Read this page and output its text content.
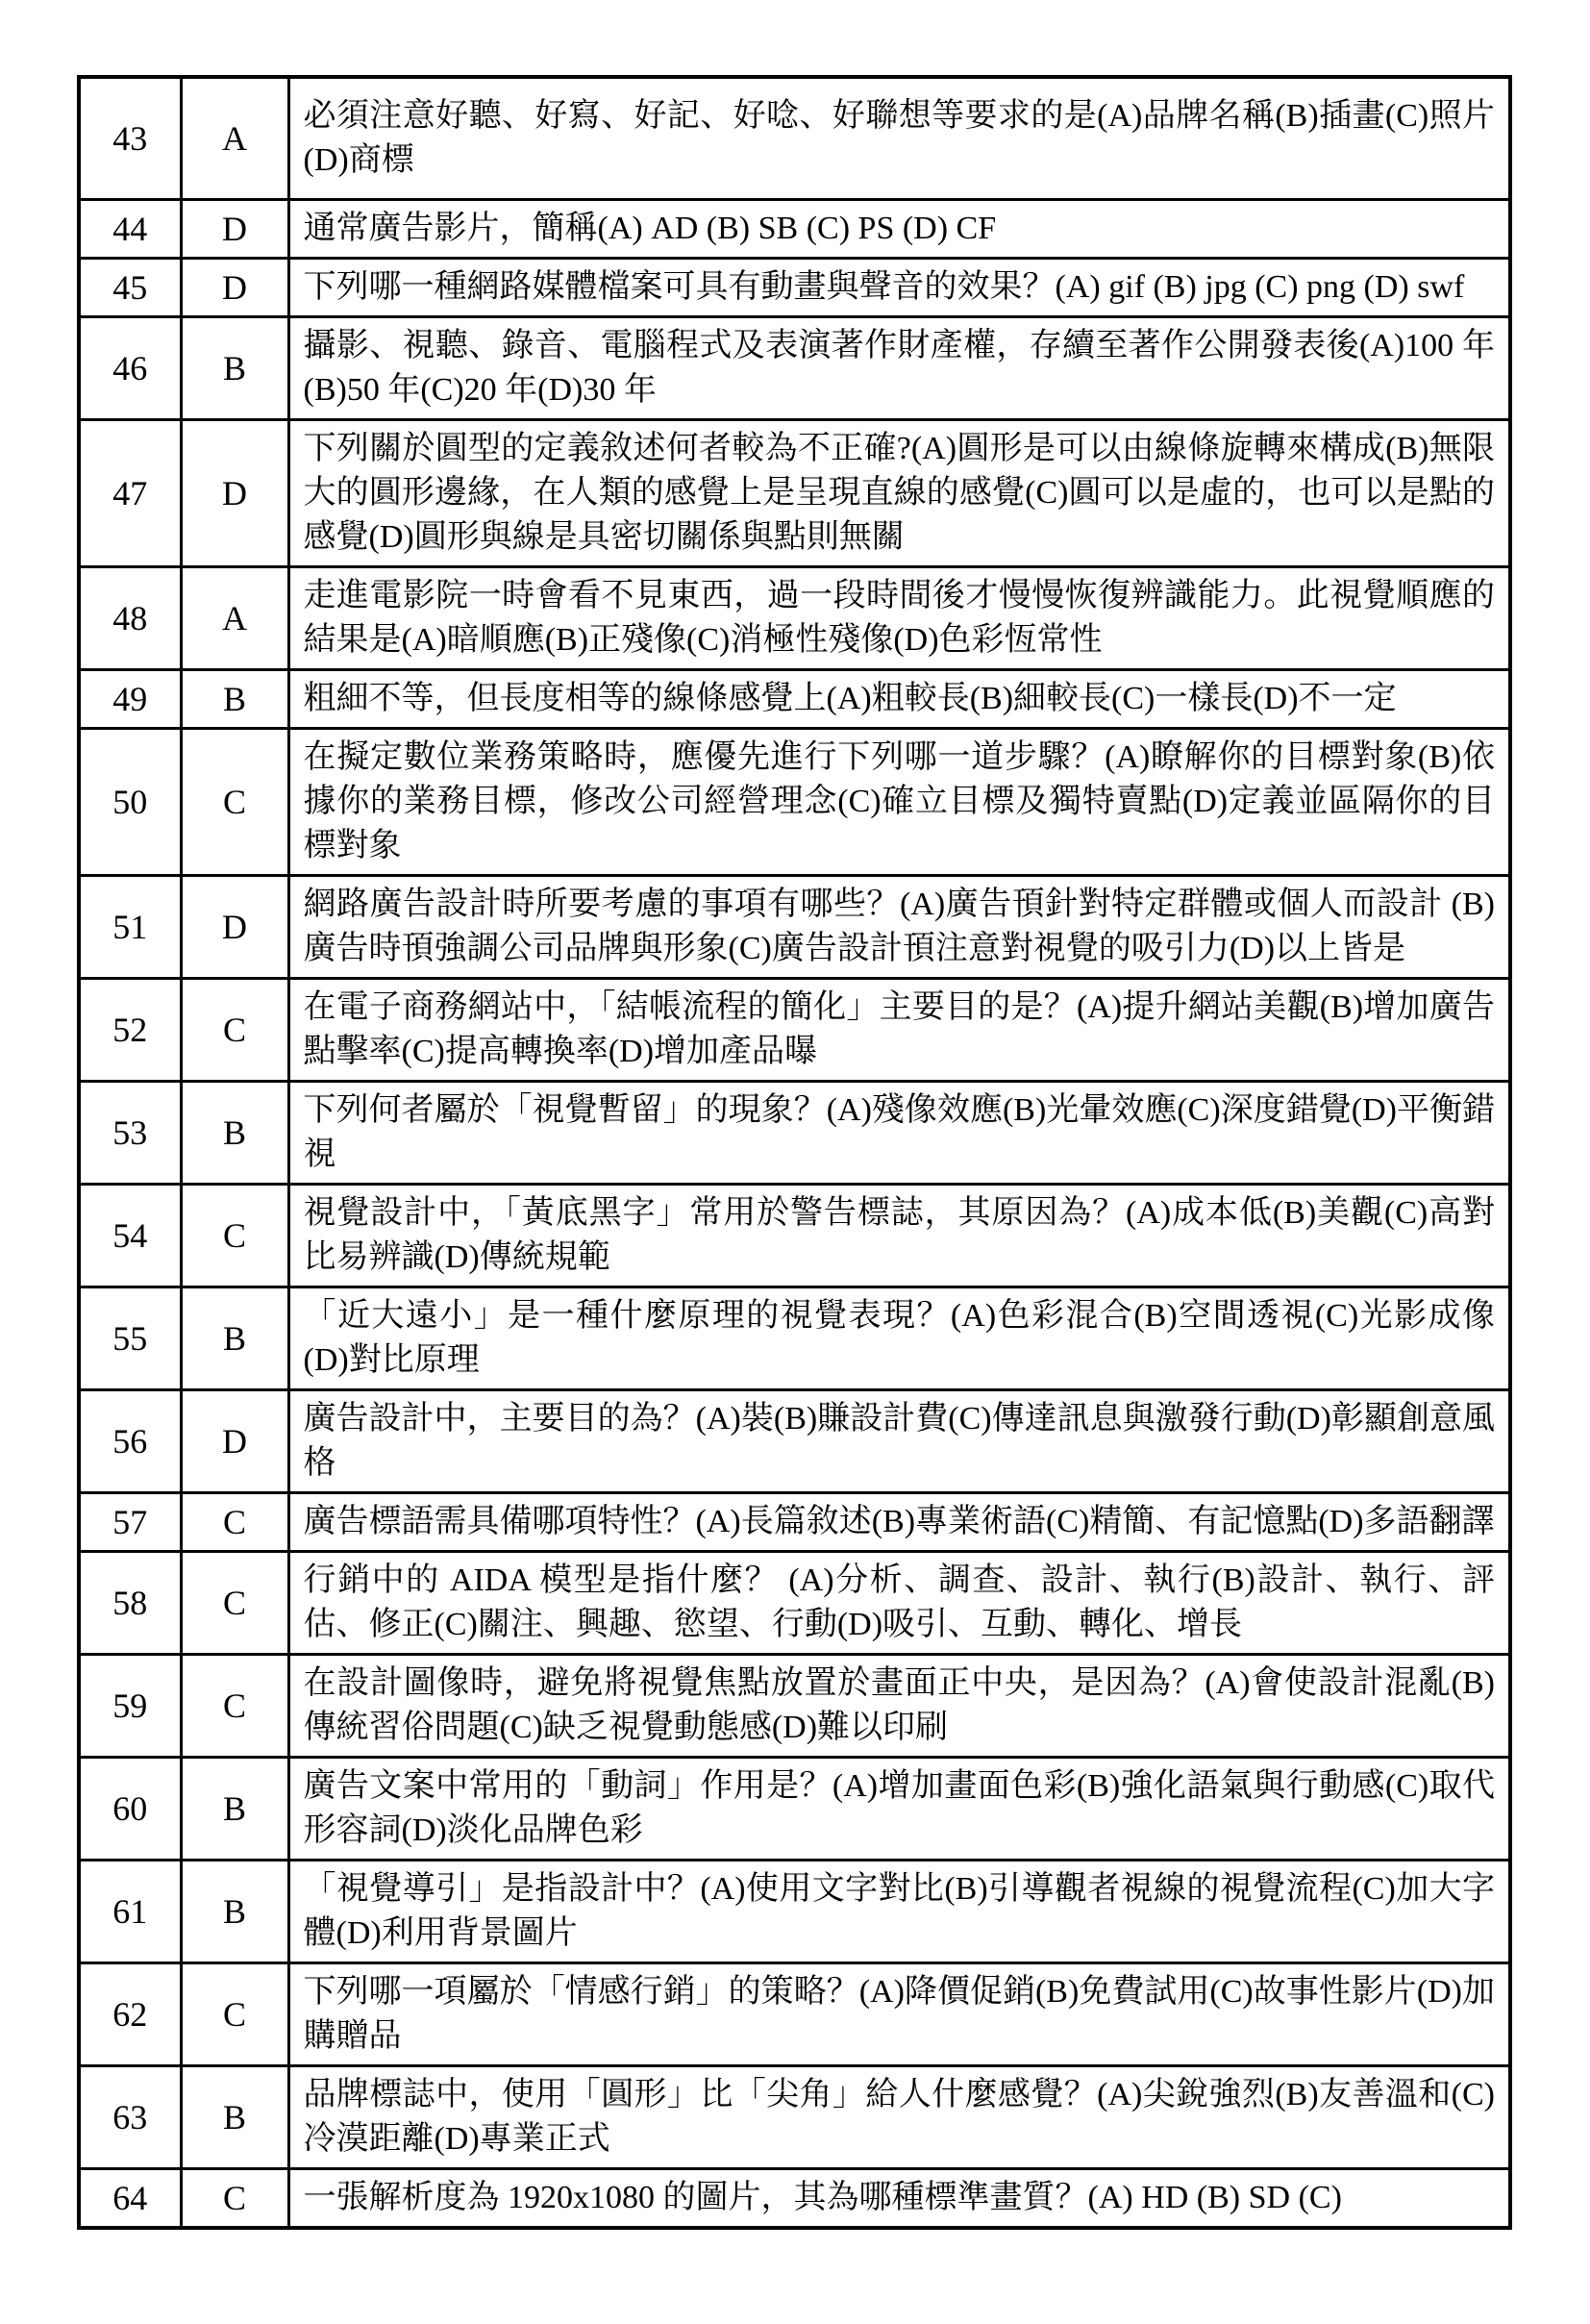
43	A	必須注意好聽、好寫、好記、好唸、好聯想等要求的是(A)品牌名稱(B)插畫(C)照片(D)商標
44	D	通常廣告影片，簡稱(A) AD (B) SB (C) PS (D) CF
45	D	下列哪一種網路媒體檔案可具有動畫與聲音的效果？(A) gif (B) jpg (C) png (D) swf
46	B	攝影、視聽、錄音、電腦程式及表演著作財產權，存續至著作公開發表後(A)100 年(B)50 年(C)20 年(D)30 年
47	D	下列關於圓型的定義敘述何者較為不正確?(A)圓形是可以由線條旋轉來構成(B)無限大的圓形邊緣，在人類的感覺上是呈現直線的感覺(C)圓可以是虛的，也可以是點的感覺(D)圓形與線是具密切關係與點則無關
48	A	走進電影院一時會看不見東西，過一段時間後才慢慢恢復辨識能力。此視覺順應的結果是(A)暗順應(B)正殘像(C)消極性殘像(D)色彩恆常性
49	B	粗細不等，但長度相等的線條感覺上(A)粗較長(B)細較長(C)一樣長(D)不一定
50	C	在擬定數位業務策略時，應優先進行下列哪一道步驟？(A)瞭解你的目標對象(B)依據你的業務目標，修改公司經營理念(C)確立目標及獨特賣點(D)定義並區隔你的目標對象
51	D	網路廣告設計時所要考慮的事項有哪些？(A)廣告頇針對特定群體或個人而設計 (B)廣告時頇強調公司品牌與形象(C)廣告設計頇注意對視覺的吸引力(D)以上皆是
52	C	在電子商務網站中，「結帳流程的簡化」主要目的是？(A)提升網站美觀(B)增加廣告點擊率(C)提高轉換率(D)增加產品曝
53	B	下列何者屬於「視覺暫留」的現象？(A)殘像效應(B)光暈效應(C)深度錯覺(D)平衡錯視
54	C	視覺設計中，「黃底黑字」常用於警告標誌，其原因為？(A)成本低(B)美觀(C)高對比易辨識(D)傳統規範
55	B	「近大遠小」是一種什麼原理的視覺表現？(A)色彩混合(B)空間透視(C)光影成像 (D)對比原理
56	D	廣告設計中，主要目的為？(A)裝(B)賺設計費(C)傳達訊息與激發行動(D)彰顯創意風格
57	C	廣告標語需具備哪項特性？(A)長篇敘述(B)專業術語(C)精簡、有記憶點(D)多語翻譯
58	C	行銷中的 AIDA 模型是指什麼？ (A)分析、調查、設計、執行(B)設計、執行、評估、修正(C)關注、興趣、慾望、行動(D)吸引、互動、轉化、增長
59	C	在設計圖像時，避免將視覺焦點放置於畫面正中央，是因為？(A)會使設計混亂(B)傳統習俗問題(C)缺乏視覺動態感(D)難以印刷
60	B	廣告文案中常用的「動詞」作用是？(A)增加畫面色彩(B)強化語氣與行動感(C)取代形容詞(D)淡化品牌色彩
61	B	「視覺導引」是指設計中？(A)使用文字對比(B)引導觀者視線的視覺流程(C)加大字體(D)利用背景圖片
62	C	下列哪一項屬於「情感行銷」的策略？(A)降價促銷(B)免費試用(C)故事性影片(D)加購贈品
63	B	品牌標誌中，使用「圓形」比「尖角」給人什麼感覺？(A)尖銳強烈(B)友善溫和(C)冷漠距離(D)專業正式
64	C	一張解析度為 1920x1080 的圖片，其為哪種標準畫質？(A) HD (B) SD (C)
